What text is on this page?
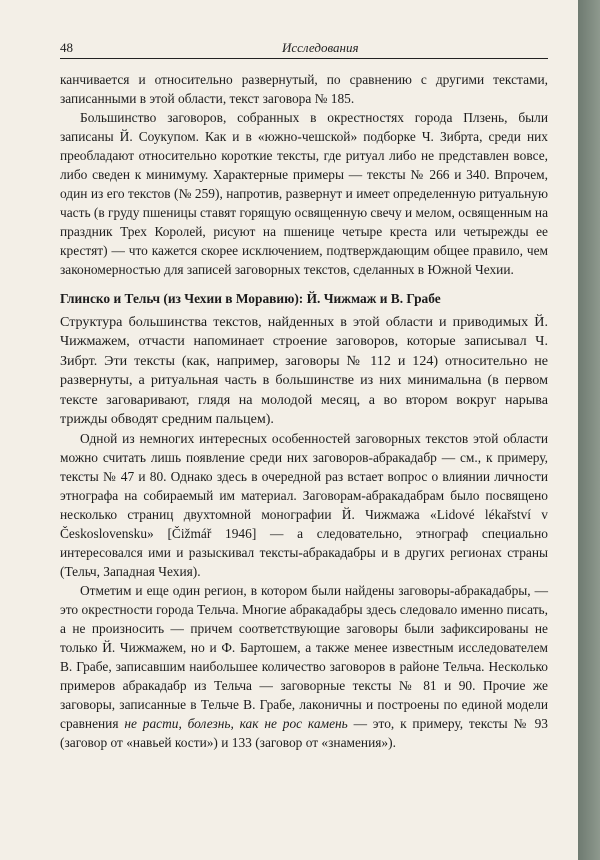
48	Исследования

канчивается и относительно развернутый, по сравнению с другими текстами, записанными в этой области, текст заговора № 185.

Большинство заговоров, собранных в окрестностях города Плзень, были записаны Й. Соукупом. Как и в «южно-чешской» подборке Ч. Зибрта, среди них преобладают относительно короткие тексты, где ритуал либо не представлен вовсе, либо сведен к минимуму. Характерные примеры — тексты № 266 и 340. Впрочем, один из его текстов (№ 259), напротив, развернут и имеет определенную ритуальную часть (в груду пшеницы ставят горящую освященную свечу и мелом, освященным на праздник Трех Королей, рисуют на пшенице четыре креста или четырежды ее крестят) — что кажется скорее исключением, подтверждающим общее правило, чем закономерностью для записей заговорных текстов, сделанных в Южной Чехии.

Глинско и Тельч (из Чехии в Моравию): Й. Чижмаж и В. Грабе

Структура большинства текстов, найденных в этой области и приводимых Й. Чижмажем, отчасти напоминает строение заговоров, которые записывал Ч. Зибрт. Эти тексты (как, например, заговоры № 112 и 124) относительно не развернуты, а ритуальная часть в большинстве из них минимальна (в первом тексте заговаривают, глядя на молодой месяц, а во втором вокруг нарыва трижды обводят средним пальцем).

Одной из немногих интересных особенностей заговорных текстов этой области можно считать лишь появление среди них заговоров-абракадабр — см., к примеру, тексты № 47 и 80. Однако здесь в очередной раз встает вопрос о влиянии личности этнографа на собираемый им материал. Заговорам-абракадабрам было посвящено несколько страниц двухтомной монографии Й. Чижмажа «Lidové lékařství v Československu» [Čižmář 1946] — а следовательно, этнограф специально интересовался ими и разыскивал тексты-абракадабры и в других регионах страны (Тельч, Западная Чехия).

Отметим и еще один регион, в котором были найдены заговоры-абракадабры, — это окрестности города Тельча. Многие абракадабры здесь следовало именно писать, а не произносить — причем соответствующие заговоры были зафиксированы не только Й. Чижмажем, но и Ф. Бартошем, а также менее известным исследователем В. Грабе, записавшим наибольшее количество заговоров в районе Тельча. Несколько примеров абракадабр из Тельча — заговорные тексты № 81 и 90. Прочие же заговоры, записанные в Тельче В. Грабе, лаконичны и построены по единой модели сравнения не расти, болезнь, как не рос камень — это, к примеру, тексты № 93 (заговор от «навьей кости») и 133 (заговор от «знамения»).
